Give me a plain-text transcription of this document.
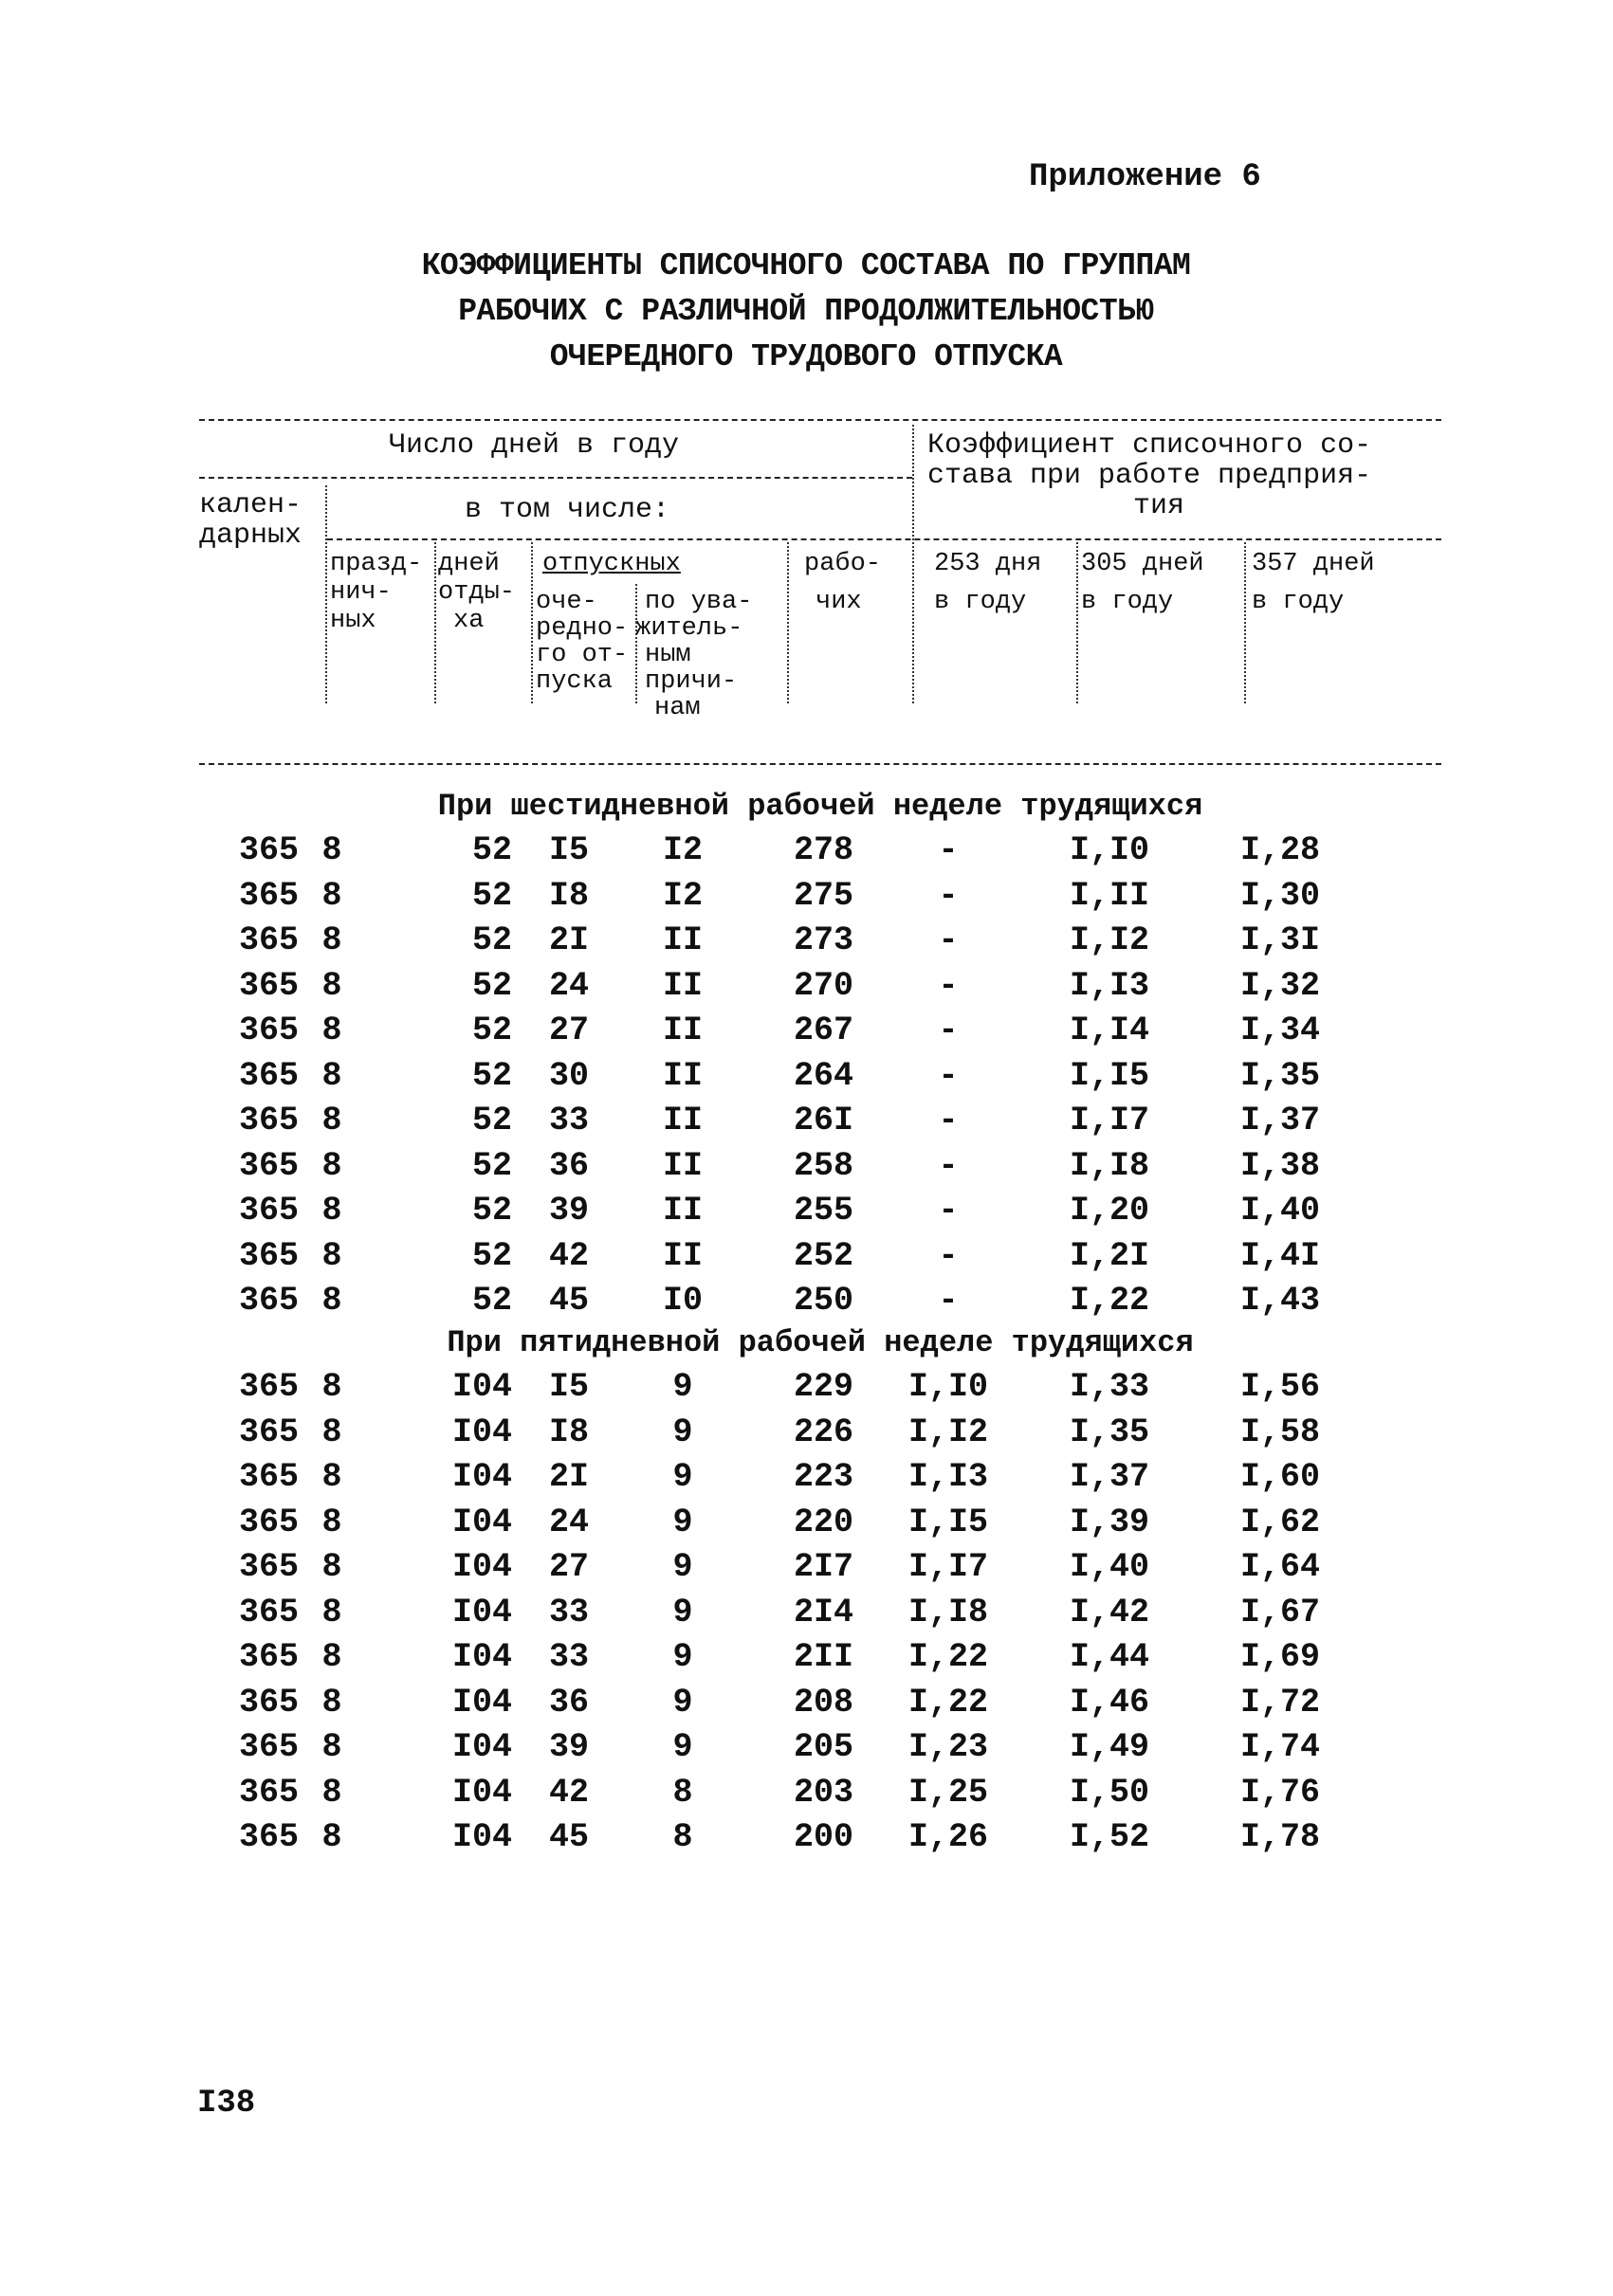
Приложение 6
КОЭФФИЦИЕНТЫ СПИСОЧНОГО СОСТАВА ПО ГРУППАМ
РАБОЧИХ С РАЗЛИЧНОЙ ПРОДОЛЖИТЕЛЬНОСТЬЮ
ОЧЕРЕДНОГО ТРУДОВОГО ОТПУСКА
Число дней в году	Коэффициент списочного со-
става при работе предприя-
тия
кален-
дарных
в том числе:
празд-
нич-
ных
дней
отды-
ха
отпускных
оче-
редно-
го от-
пуска
по ува-
житель-
ным
причи-
нам
рабо-
чих
253 дня
в году
305 дней
в году
357 дней
в году
При шестидневной рабочей неделе трудящихся
365 8	52	I5	I2	278	-	I,I0	I,28
365 8	52	I8	I2	275	-	I,II	I,30
365 8	52	2I	II	273	-	I,I2	I,3I
365 8	52	24	II	270	-	I,I3	I,32
365 8	52	27	II	267	-	I,I4	I,34
365 8	52	30	II	264	-	I,I5	I,35
365 8	52	33	II	26I	-	I,I7	I,37
365 8	52	36	II	258	-	I,I8	I,38
365 8	52	39	II	255	-	I,20	I,40
365 8	52	42	II	252	-	I,2I	I,4I
365 8	52	45	I0	250	-	I,22	I,43
При пятидневной рабочей неделе трудящихся
365 8	I04	I5	9	229	I,I0	I,33	I,56
365 8	I04	I8	9	226	I,I2	I,35	I,58
365 8	I04	2I	9	223	I,I3	I,37	I,60
365 8	I04	24	9	220	I,I5	I,39	I,62
365 8	I04	27	9	2I7	I,I7	I,40	I,64
365 8	I04	33	9	2I4	I,I8	I,42	I,67
365 8	I04	33	9	2II	I,22	I,44	I,69
365 8	I04	36	9	208	I,22	I,46	I,72
365 8	I04	39	9	205	I,23	I,49	I,74
365 8	I04	42	8	203	I,25	I,50	I,76
365 8	I04	45	8	200	I,26	I,52	I,78
I38
